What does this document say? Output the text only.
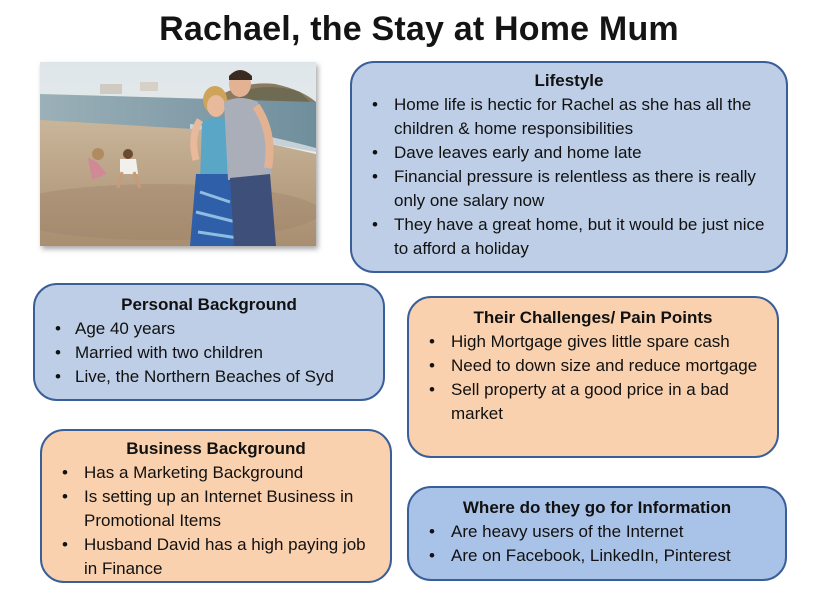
Rachael, the Stay at Home Mum
Lifestyle
• Home life is hectic for Rachel as she has all the children & home responsibilities
• Dave leaves early and home late
• Financial pressure is relentless as there is really only one salary now
• They have a great home, but it would be just nice to afford a holiday
Personal Background
• Age 40 years
• Married with two children
• Live, the Northern Beaches of Syd
Their Challenges/ Pain Points
• High Mortgage gives little spare cash
• Need to down size and reduce mortgage
• Sell property at a good price in a bad market
Business Background
• Has a Marketing Background
• Is setting up an Internet Business in Promotional Items
• Husband David has a high paying job in Finance
Where do they go for Information
• Are heavy users of the Internet
• Are on Facebook, LinkedIn, Pinterest
